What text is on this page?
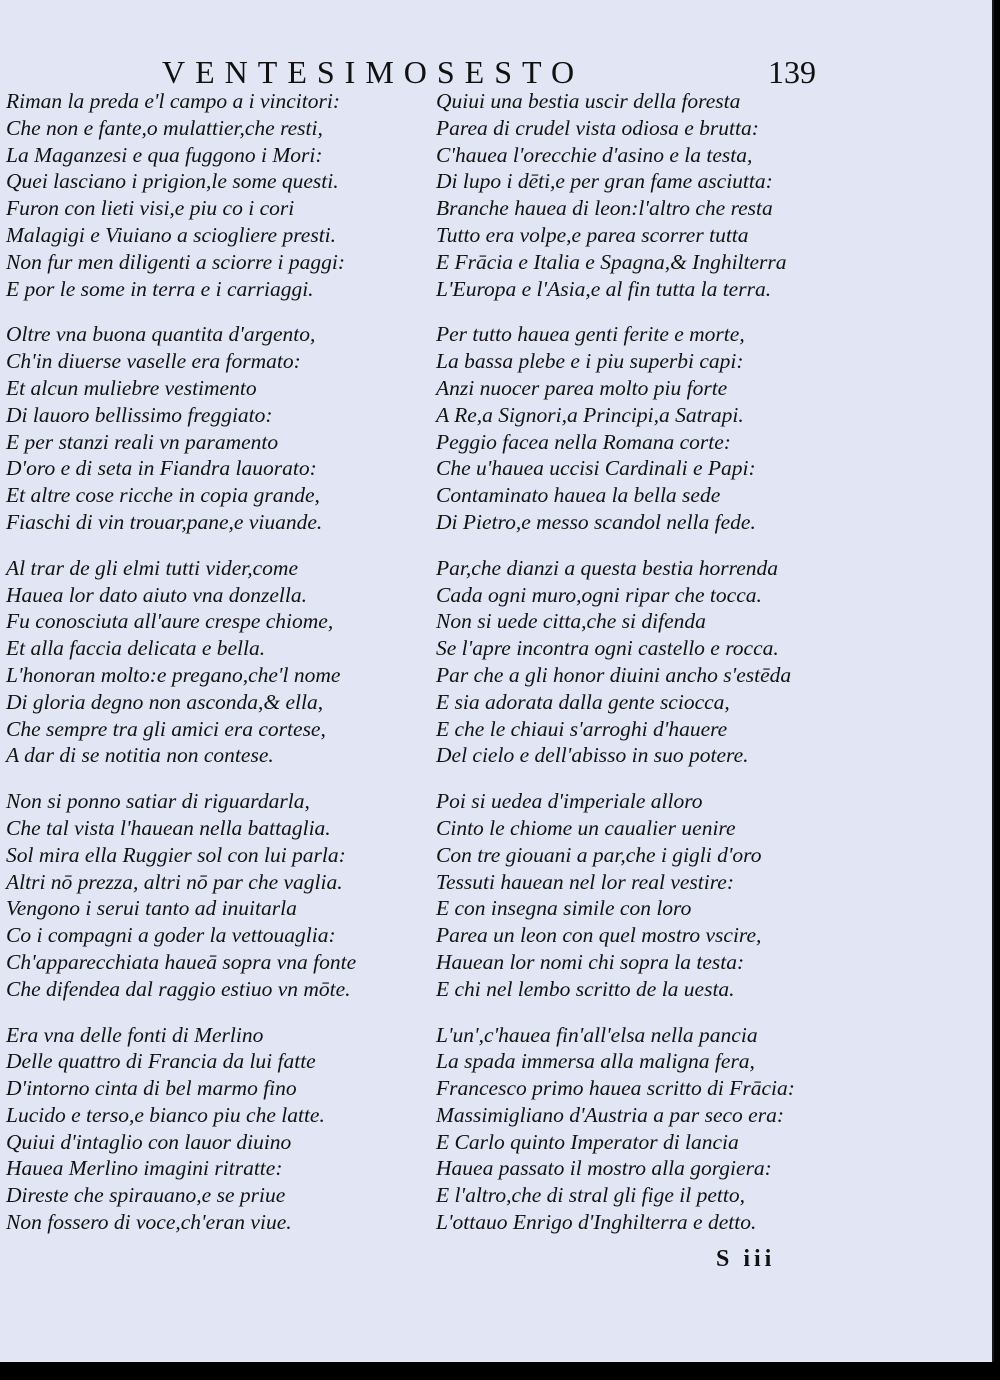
VENTESIMOSESTO	139
Riman la preda e'l campo a i vincitori:
Che non e fante,o mulattier,che resti,
La Maganzesi e qua fuggono i Mori:
Quei lasciano i prigion,le some questi.
Furon con lieti visi,e piu co i cori
Malagigi e Viuiano a sciogliere presti.
Non fur men diligenti a sciorre i paggi:
E por le some in terra e i carriaggi.
Oltre vna buona quantita d'argento,
Ch'in diuerse vaselle era formato:
Et alcun muliebre vestimento
Di lauoro bellissimo freggiato:
E per stanzi reali vn paramento
D'oro e di seta in Fiandra lauorato:
Et altre cose ricche in copia grande,
Fiaschi di vin trouar,pane,e viuande.
Al trar de gli elmi tutti vider,come
Hauea lor dato aiuto vna donzella.
Fu conosciuta all'aure crespe chiome,
Et alla faccia delicata e bella.
L'honoran molto:e pregano,che'l nome
Di gloria degno non asconda,& ella,
Che sempre tra gli amici era cortese,
A dar di se notitia non contese.
Non si ponno satiar di riguardarla,
Che tal vista l'hauean nella battaglia.
Sol mira ella Ruggier sol con lui parla:
Altri nō prezza, altri nō par che vaglia.
Vengono i serui tanto ad inuitarla
Co i compagni a goder la vettouaglia:
Ch'apparecchiata haueā sopra vna fonte
Che difendea dal raggio estiuo vn mōte.
Era vna delle fonti di Merlino
Delle quattro di Francia da lui fatte
D'intorno cinta di bel marmo fino
Lucido e terso,e bianco piu che latte.
Quiui d'intaglio con lauor diuino
Hauea Merlino imagini ritratte:
Direste che spirauano,e se priue
Non fossero di voce,ch'eran viue.
Quiui una bestia uscir della foresta
Parea di crudel vista odiosa e brutta:
C'hauea l'orecchie d'asino e la testa,
Di lupo i dēti,e per gran fame asciutta:
Branche hauea di leon:l'altro che resta
Tutto era volpe,e parea scorrer tutta
E Frācia e Italia e Spagna,& Inghilterra
L'Europa e l'Asia,e al fin tutta la terra.
Per tutto hauea genti ferite e morte,
La bassa plebe e i piu superbi capi:
Anzi nuocer parea molto piu forte
A Re,a Signori,a Principi,a Satrapi.
Peggio facea nella Romana corte:
Che u'hauea uccisi Cardinali e Papi:
Contaminato hauea la bella sede
Di Pietro,e messo scandol nella fede.
Par,che dianzi a questa bestia horrenda
Cada ogni muro,ogni ripar che tocca.
Non si uede citta,che si difenda
Se l'apre incontra ogni castello e rocca.
Par che a gli honor diuini ancho s'estēda
E sia adorata dalla gente sciocca,
E che le chiaui s'arroghi d'hauere
Del cielo e dell'abisso in suo potere.
Poi si uedea d'imperiale alloro
Cinto le chiome un caualier uenire
Con tre giouani a par,che i gigli d'oro
Tessuti hauean nel lor real vestire:
E con insegna simile con loro
Parea un leon con quel mostro vscire,
Hauean lor nomi chi sopra la testa:
E chi nel lembo scritto de la uesta.
L'un',c'hauea fin'all'elsa nella pancia
La spada immersa alla maligna fera,
Francesco primo hauea scritto di Frācia:
Massimigliano d'Austria a par seco era:
E Carlo quinto Imperator di lancia
Hauea passato il mostro alla gorgiera:
E l'altro,che di stral gli fige il petto,
L'ottauo Enrigo d'Inghilterra e detto.
S iii
